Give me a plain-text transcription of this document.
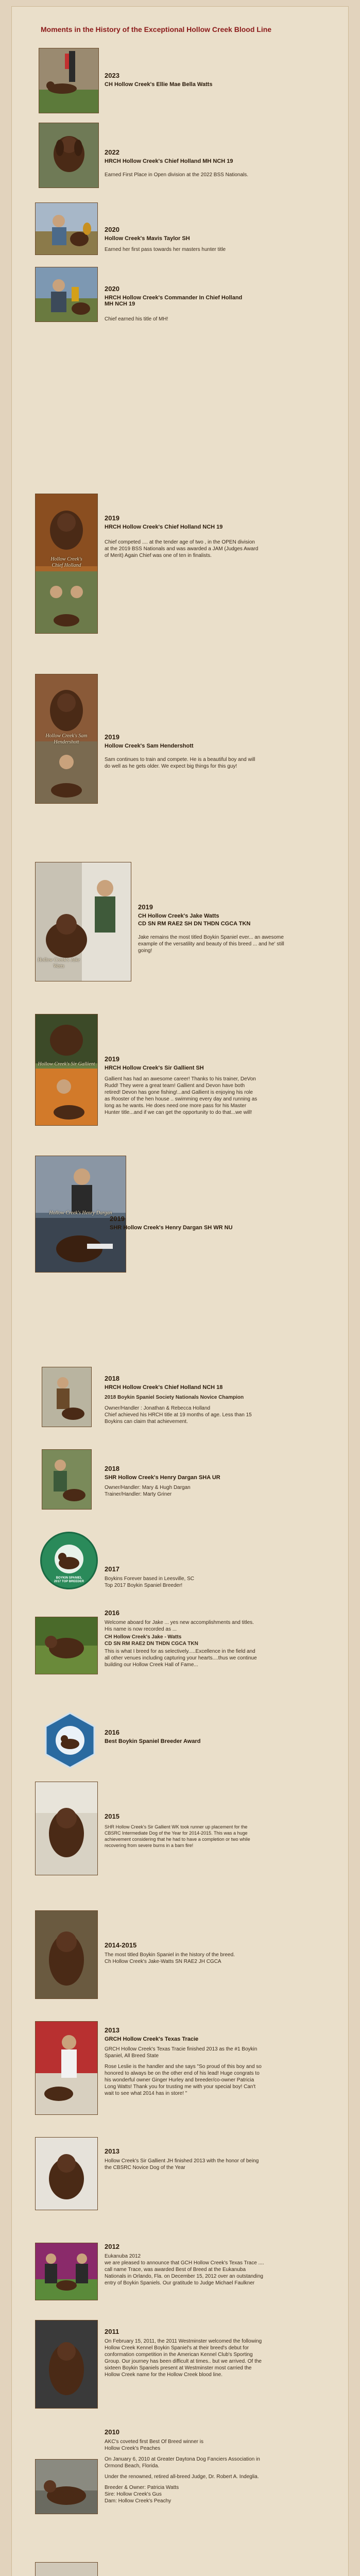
Moments in the History of the Exceptional Hollow Creek Blood Line
2023
CH Hollow Creek's Ellie Mae Bella Watts
2022
HRCH Hollow Creek's Chief Holland MH NCH 19
Earned First Place in Open division at the 2022 BSS Nationals.
2020
Hollow Creek's Mavis Taylor SH
Earned her first pass towards her masters hunter title
2020
HRCH Hollow Creek's Commander In Chief Holland MH NCH 19
Chief earned his title of MH!
Hollow Creek's
Chief Holland
2019
HRCH Hollow Creek's Chief Holland NCH 19
Chief competed .... at the tender age of two , in the OPEN division at the 2019 BSS Nationals and was awarded a JAM (Judges Award of Merit) Again Chief was one of ten in finalists.
Hollow Creek's Sam Hendershott
2019
Hollow Creek's Sam Hendershott
Sam continues to train and compete. He is a beautiful boy and will do well as he gets older. We expect big things for this guy!
Hollow Creek's Jake Watts
2019
CH Hollow Creek's Jake Watts
CD SN RM RAE2 SH DN THDN CGCA TKN
Jake remains the most titled Boykin Spaniel ever... an awesome example of the versatility and beauty of this breed ... and he' still going!
Hollow Creek's Sir Gallient
2019
HRCH Hollow Creek's Sir Gallient SH
Gallient has had an awesome career! Thanks to his trainer, DeVon Rudd! They were a great team! Gallient and Devon have both retired! Devon has gone fishing!...and Gallient is enjoying his role as Rooster of the hen house .. swimming every day and running as long as he wants. He does need one more pass for his Master Hunter title...and if we can get the opportunity to do that...we will!
Hollow Creek's Henry Dargan
2019
SHR Hollow Creek's Henry Dargan SH WR NU
2018
HRCH Hollow Creek's Chief Holland NCH 18
2018 Boykin Spaniel Society Nationals Novice Champion
Owner/Handler : Jonathan & Rebecca Holland
Chief achieved his HRCH title at 19 months of age. Less than 15 Boykins can claim that achievement.
2018
SHR Hollow Creek's Henry Dargan SHA UR
Owner/Handler: Mary & Hugh Dargan
Trainer/Handler: Marty Griner
BOYKIN SPANIEL
2017 TOP BREEDER
2017
Boykins Forever based in Leesville, SC
Top 2017 Boykin Spaniel Breeder!
2016
Welcome aboard for Jake ... yes new accomplishments and titles. His name is now recorded as ...
CH Hollow Creek's Jake - Watts
CD SN RM RAE2 DN THDN CGCA TKN
This is what I breed for as selectively.....Excellence in the field and all other venues including capturing your hearts....thus we continue building our Hollow Creek Hall of Fame...
2016
Best Boykin Spaniel Breeder Award
2015
SHR Hollow Creek's Sir Gallient WK took runner up placement for the CBSRC Intermediate Dog of the Year for 2014-2015. This was a huge achievement considering that he had to have a completion or two while recovering from severe burns in a barn fire!
2014-2015
The most titled Boykin Spaniel in the history of the breed.
Ch Hollow Creek's Jake-Watts SN RAE2 JH CGCA
2013
GRCH Hollow Creek's Texas Tracie
GRCH Hollow Creek's Texas Tracie finished 2013 as the #1 Boykin Spaniel, All Breed State
Rose Leslie is the handler and she says "So proud of this boy and so honored to always be on the other end of his lead! Huge congrats to his wonderful owner Ginger Hurley and breeder/co-owner Patricia Long Watts! Thank you for trusting me with your special boy! Can't wait to see what 2014 has in store! "
2013
Hollow Creek's Sir Gallient JH finished 2013 with the honor of being the CBSRC Novice Dog of the Year
2012
Eukanuba 2012
we are pleased to announce that GCH Hollow Creek's Texas Trace .... call name Trace, was awarded Best of Breed at the Eukanuba Nationals in Orlando, Fla. on December 15, 2012 over an outstanding entry of Boykin Spaniels. Our gratitude to Judge Michael Faulkner
2011
On February 15, 2011, the 2011 Westminster welcomed the following Hollow Creek Kennel Boykin Spaniel's at their breed's debut for conformation competition in the American Kennel Club's Sporting Group. Our journey has been difficult at times.. but we arrived. Of the sixteen Boykin Spaniels present at Westminster most carried the Hollow Creek name for the Hollow Creek blood line.
2010
AKC's coveted first Best Of Breed winner is
Hollow Creek's Peaches
On January 6, 2010 at Greater Daytona Dog Fanciers Association in Ormond Beach, Florida.
Under the renowned, retired all-breed Judge, Dr. Robert A. Indeglia.
Breeder & Owner: Patricia Watts
Sire: Hollow Creek's Gus
Dam: Hollow Creek's Peachy
